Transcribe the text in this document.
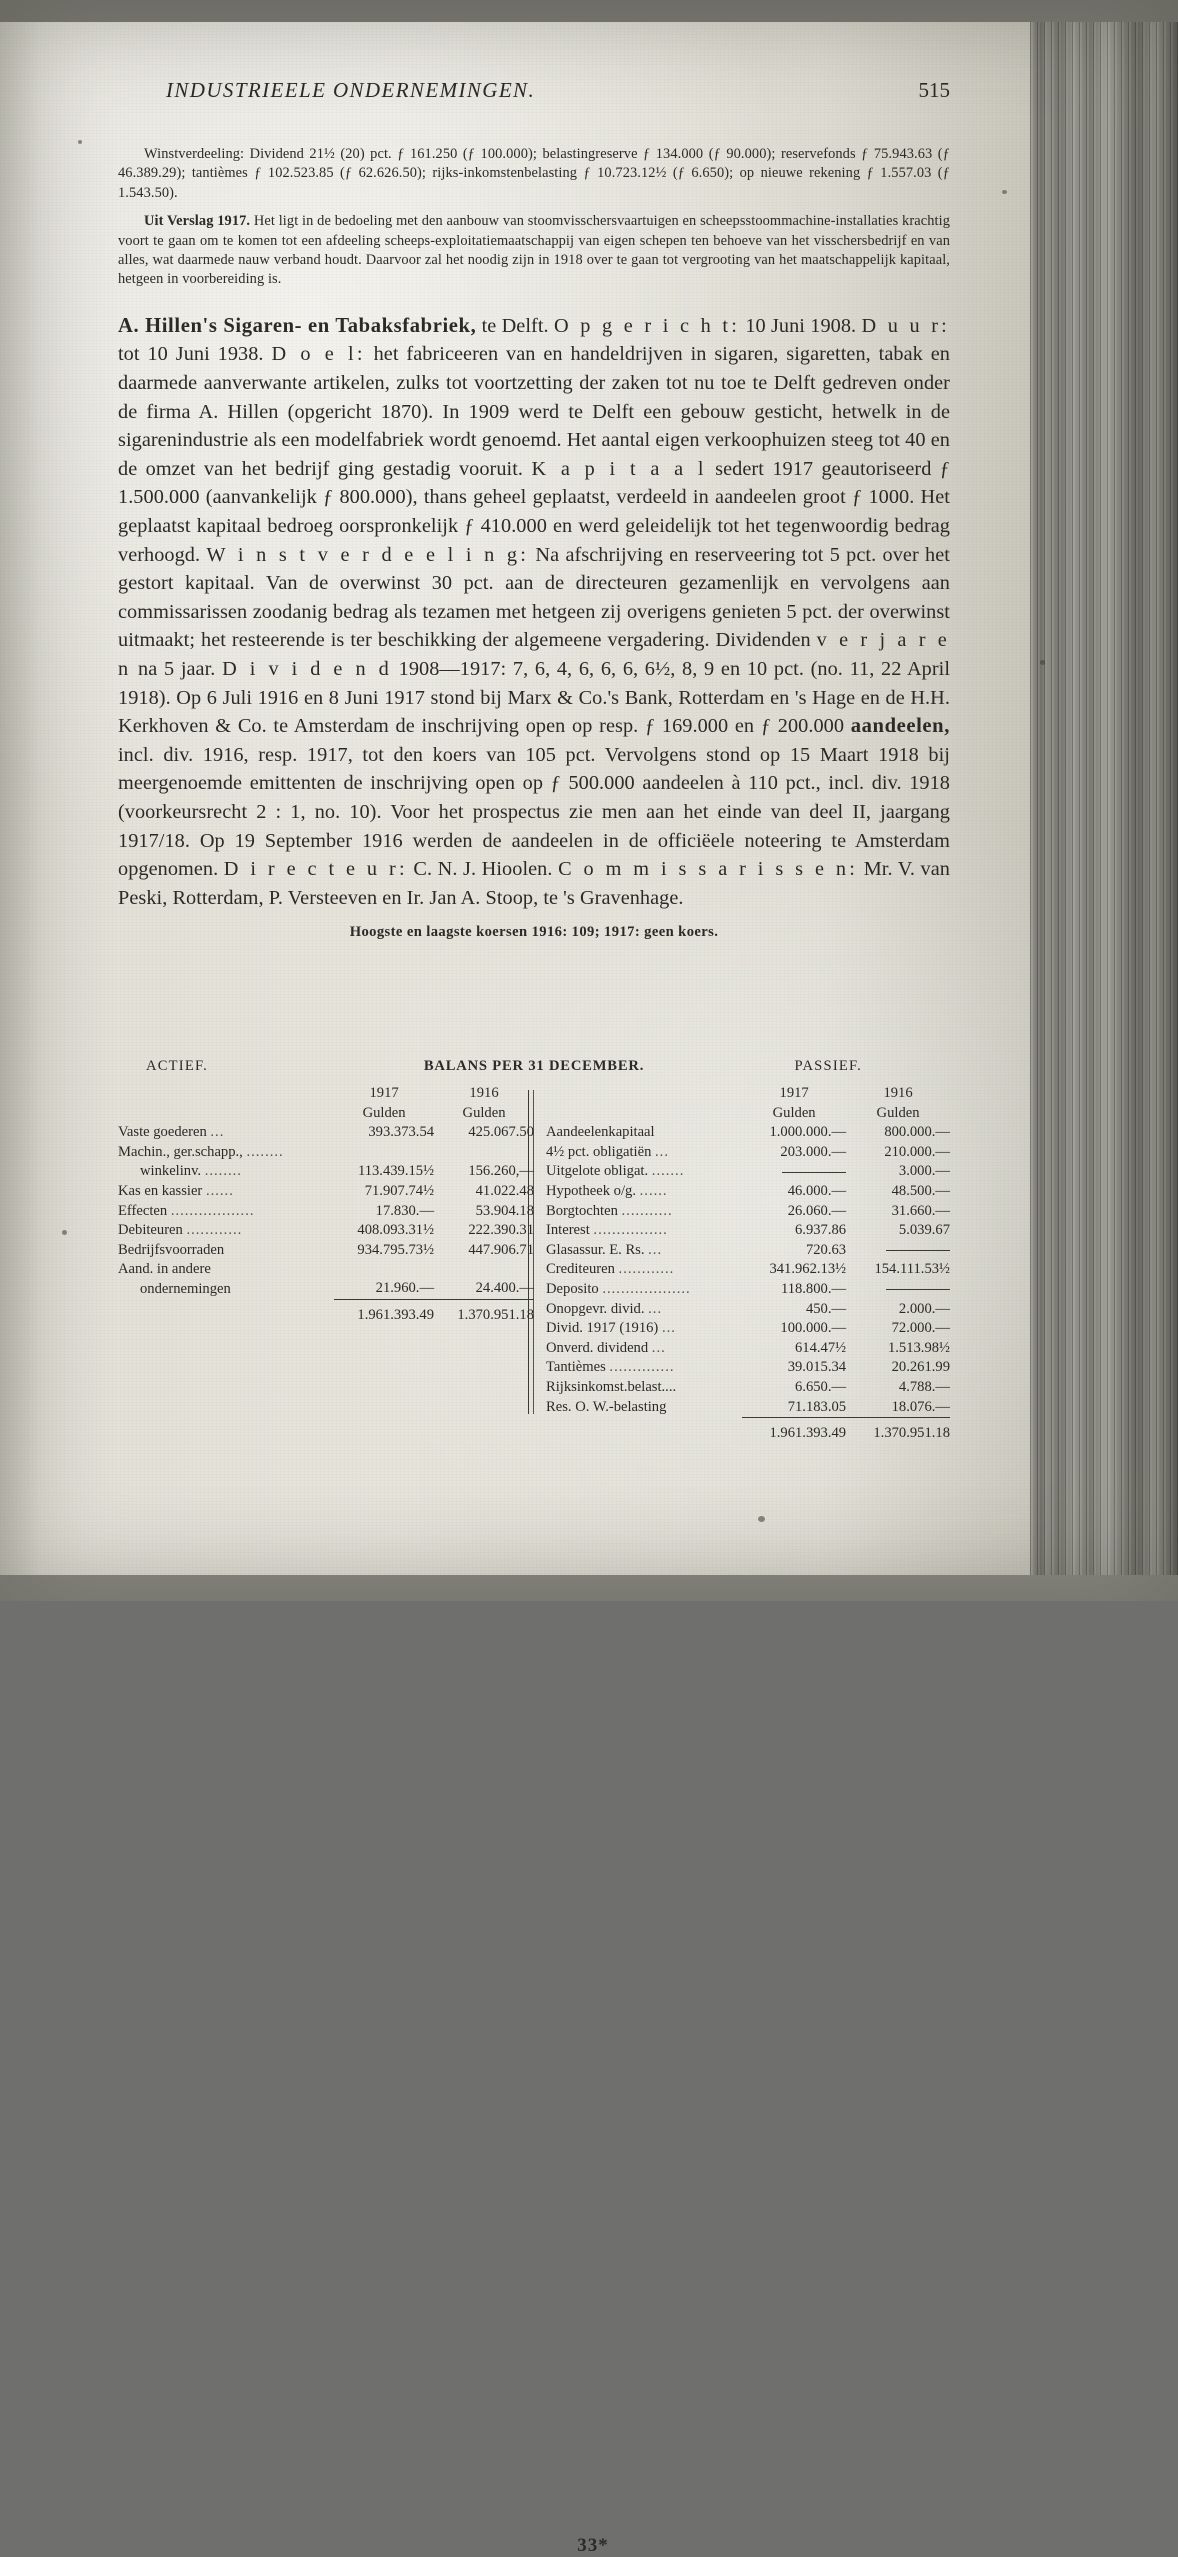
INDUSTRIEELE ONDERNEMINGEN.	515

Winstverdeeling: Dividend 21½ (20) pct. ƒ 161.250 (ƒ 100.000); belastingreserve ƒ 134.000 (ƒ 90.000); reservefonds ƒ 75.943.63 (ƒ 46.389.29); tantièmes ƒ 102.523.85 (ƒ 62.626.50); rijks-inkomstenbelasting ƒ 10.723.12½ (ƒ 6.650); op nieuwe rekening ƒ 1.557.03 (ƒ 1.543.50).

Uit Verslag 1917. Het ligt in de bedoeling met den aanbouw van stoomvisschersvaartuigen en scheepsstoommachine-installaties krachtig voort te gaan om te komen tot een afdeeling scheeps-exploitatiemaatschappij van eigen schepen ten behoeve van het visschersbedrijf en van alles, wat daarmede nauw verband houdt. Daarvoor zal het noodig zijn in 1918 over te gaan tot vergrooting van het maatschappelijk kapitaal, hetgeen in voorbereiding is.

A. Hillen's Sigaren- en Tabaksfabriek, te Delft. O p g e r i c h t: 10 Juni 1908. D u u r: tot 10 Juni 1938. D o e l: het fabriceeren van en handeldrijven in sigaren, sigaretten, tabak en daarmede aanverwante artikelen, zulks tot voortzetting der zaken tot nu toe te Delft gedreven onder de firma A. Hillen (opgericht 1870). In 1909 werd te Delft een gebouw gesticht, hetwelk in de sigarenindustrie als een modelfabriek wordt genoemd. Het aantal eigen verkoophuizen steeg tot 40 en de omzet van het bedrijf ging gestadig vooruit. K a p i t a a l sedert 1917 geautoriseerd ƒ 1.500.000 (aanvankelijk ƒ 800.000), thans geheel geplaatst, verdeeld in aandeelen groot ƒ 1000. Het geplaatst kapitaal bedroeg oorspronkelijk ƒ 410.000 en werd geleidelijk tot het tegenwoordig bedrag verhoogd. W i n s t v e r d e e l i n g: Na afschrijving en reserveering tot 5 pct. over het gestort kapitaal. Van de overwinst 30 pct. aan de directeuren gezamenlijk en vervolgens aan commissarissen zoodanig bedrag als tezamen met hetgeen zij overigens genieten 5 pct. der overwinst uitmaakt; het resteerende is ter beschikking der algemeene vergadering. Dividenden v e r j a r e n na 5 jaar. D i v i d e n d 1908—1917: 7, 6, 4, 6, 6, 6, 6½, 8, 9 en 10 pct. (no. 11, 22 April 1918). Op 6 Juli 1916 en 8 Juni 1917 stond bij Marx & Co.'s Bank, Rotterdam en 's Hage en de H.H. Kerkhoven & Co. te Amsterdam de inschrijving open op resp. ƒ 169.000 en ƒ 200.000 aandeelen, incl. div. 1916, resp. 1917, tot den koers van 105 pct. Vervolgens stond op 15 Maart 1918 bij meergenoemde emittenten de inschrijving open op ƒ 500.000 aandeelen à 110 pct., incl. div. 1918 (voorkeursrecht 2 : 1, no. 10). Voor het prospectus zie men aan het einde van deel II, jaargang 1917/18. Op 19 September 1916 werden de aandeelen in de officiëele noteering te Amsterdam opgenomen. D i r e c t e u r: C. N. J. Hioolen. C o m m i s s a r i s s e n: Mr. V. van Peski, Rotterdam, P. Versteeven en Ir. Jan A. Stoop, te 's Gravenhage.

Hoogste en laagste koersen 1916: 109; 1917: geen koers.
ACTIEF.	BALANS PER 31 DECEMBER.	PASSIEF.
	1917	1916
	Gulden	Gulden
Vaste goederen ...	393.373.54	425.067.50
Machin., ger.schapp., ........
winkelinv. ........	113.439.15½	156.260,—
Kas en kassier ......	71.907.74½	41.022.48
Effecten ..................	17.830.—	53.904.18
Debiteuren ............	408.093.31½	222.390.31
Bedrijfsvoorraden	934.795.73½	447.906.71
Aand. in andere
ondernemingen	21.960.—	24.400.—
	1.961.393.49	1.370.951.18
	1917	1916
	Gulden	Gulden
Aandeelenkapitaal	1.000.000.—	800.000.—
4½ pct. obligatiën ...	203.000.—	210.000.—
Uitgelote obligat. .......		3.000.—
Hypotheek o/g. ......	46.000.—	48.500.—
Borgtochten ...........	26.060.—	31.660.—
Interest ................	6.937.86	5.039.67
Glasassur. E. Rs. ...	720.63	
Crediteuren ............	341.962.13½	154.111.53½
Deposito ...................	118.800.—	
Onopgevr. divid. ...	450.—	2.000.—
Divid. 1917 (1916) ...	100.000.—	72.000.—
Onverd. dividend ...	614.47½	1.513.98½
Tantièmes ..............	39.015.34	20.261.99
Rijksinkomst.belast....	6.650.—	4.788.—
Res. O. W.-belasting	71.183.05	18.076.—
	1.961.393.49	1.370.951.18
33*
